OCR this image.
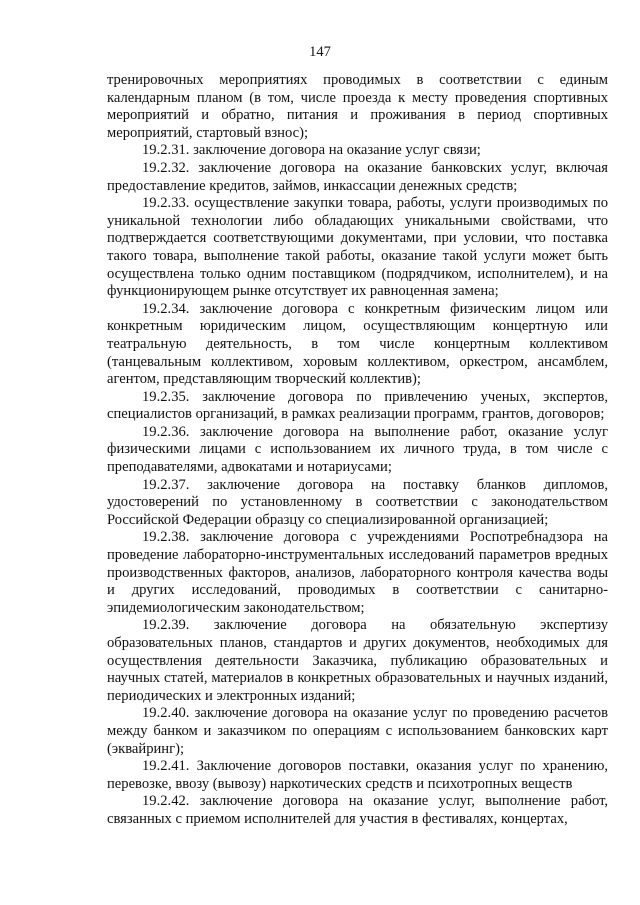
147

тренировочных мероприятиях проводимых в соответствии с единым календарным планом (в том, числе проезда к месту проведения спортивных мероприятий и обратно, питания и проживания в период спортивных мероприятий, стартовый взнос);

19.2.31. заключение договора на оказание услуг связи;

19.2.32. заключение договора на оказание банковских услуг, включая предоставление кредитов, займов, инкассации денежных средств;

19.2.33. осуществление закупки товара, работы, услуги производимых по уникальной технологии либо обладающих уникальными свойствами, что подтверждается соответствующими документами, при условии, что поставка такого товара, выполнение такой работы, оказание такой услуги может быть осуществлена только одним поставщиком (подрядчиком, исполнителем), и на функционирующем рынке отсутствует их равноценная замена;

19.2.34. заключение договора с конкретным физическим лицом или конкретным юридическим лицом, осуществляющим концертную или театральную деятельность, в том числе концертным коллективом (танцевальным коллективом, хоровым коллективом, оркестром, ансамблем, агентом, представляющим творческий коллектив);

19.2.35. заключение договора по привлечению ученых, экспертов, специалистов организаций, в рамках реализации программ, грантов, договоров;

19.2.36. заключение договора на выполнение работ, оказание услуг физическими лицами с использованием их личного труда, в том числе с преподавателями, адвокатами и нотариусами;

19.2.37. заключение договора на поставку бланков дипломов, удостоверений по установленному в соответствии с законодательством Российской Федерации образцу со специализированной организацией;

19.2.38. заключение договора с учреждениями Роспотребнадзора на проведение лабораторно-инструментальных исследований параметров вредных производственных факторов, анализов, лабораторного контроля качества воды и других исследований, проводимых в соответствии с санитарно-эпидемиологическим законодательством;

19.2.39. заключение договора на обязательную экспертизу образовательных планов, стандартов и других документов, необходимых для осуществления деятельности Заказчика, публикацию образовательных и научных статей, материалов в конкретных образовательных и научных изданий, периодических и электронных изданий;

19.2.40. заключение договора на оказание услуг по проведению расчетов между банком и заказчиком по операциям с использованием банковских карт (эквайринг);

19.2.41. Заключение договоров поставки, оказания услуг по хранению, перевозке, ввозу (вывозу) наркотических средств и психотропных веществ

19.2.42. заключение договора на оказание услуг, выполнение работ, связанных с приемом исполнителей для участия в фестивалях, концертах,
